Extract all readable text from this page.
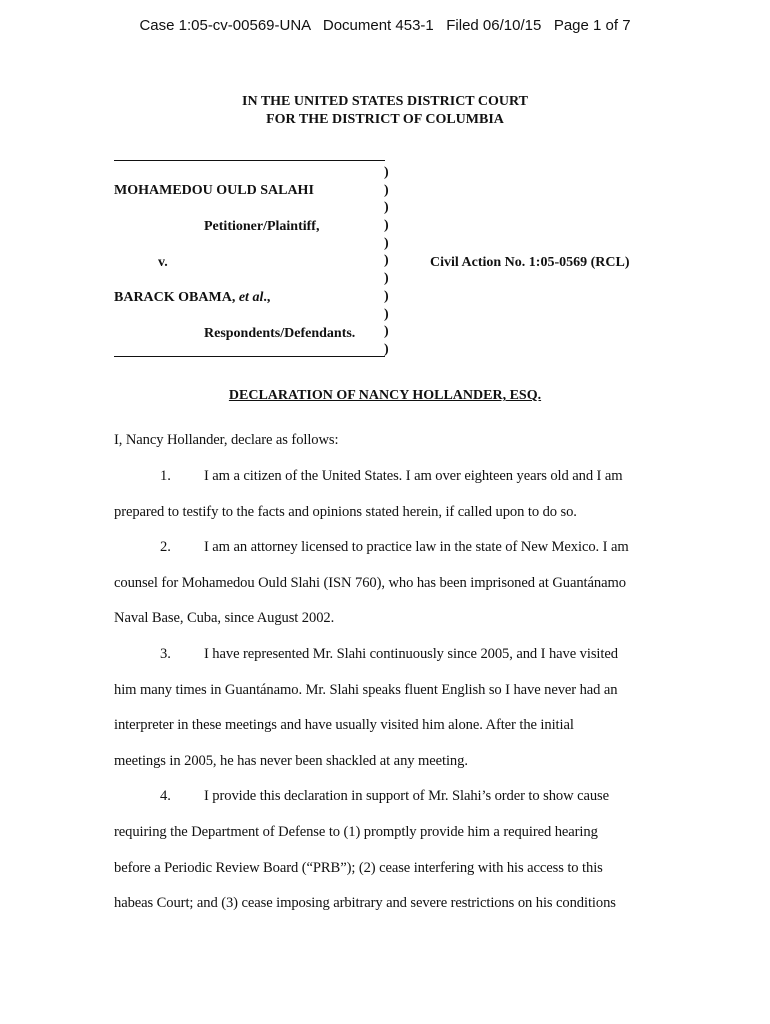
Case 1:05-cv-00569-UNA   Document 453-1   Filed 06/10/15   Page 1 of 7
IN THE UNITED STATES DISTRICT COURT
FOR THE DISTRICT OF COLUMBIA
MOHAMEDOU OULD SALAHI
Petitioner/Plaintiff,
v.
BARACK OBAMA, et al.,
Respondents/Defendants.
Civil Action No. 1:05-0569 (RCL)
)
)
)
)
)
)
)
)
)
)
)
DECLARATION OF NANCY HOLLANDER, ESQ.
I, Nancy Hollander, declare as follows:
1. I am a citizen of the United States. I am over eighteen years old and I am
prepared to testify to the facts and opinions stated herein, if called upon to do so.
2. I am an attorney licensed to practice law in the state of New Mexico. I am
counsel for Mohamedou Ould Slahi (ISN 760), who has been imprisoned at Guantánamo
Naval Base, Cuba, since August 2002.
3. I have represented Mr. Slahi continuously since 2005, and I have visited
him many times in Guantánamo. Mr. Slahi speaks fluent English so I have never had an
interpreter in these meetings and have usually visited him alone. After the initial
meetings in 2005, he has never been shackled at any meeting.
4. I provide this declaration in support of Mr. Slahi’s order to show cause
requiring the Department of Defense to (1) promptly provide him a required hearing
before a Periodic Review Board (“PRB”); (2) cease interfering with his access to this
habeas Court; and (3) cease imposing arbitrary and severe restrictions on his conditions
